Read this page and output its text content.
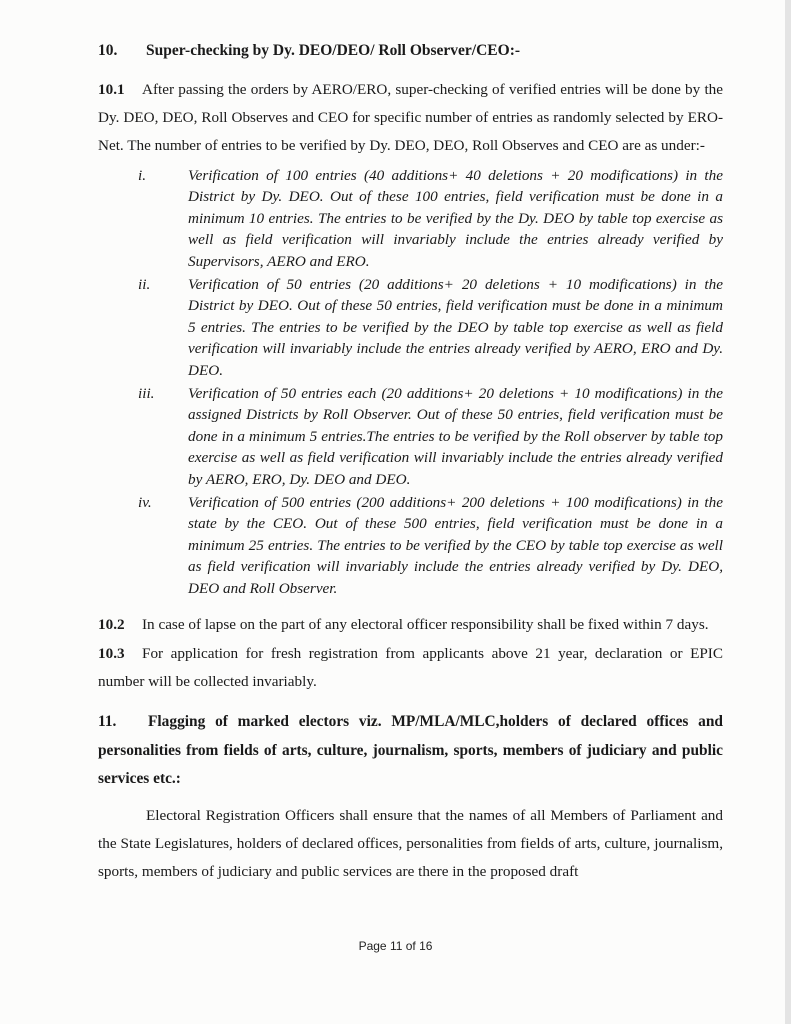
10. Super-checking by Dy. DEO/DEO/ Roll Observer/CEO:-

10.1 After passing the orders by AERO/ERO, super-checking of verified entries will be done by the Dy. DEO, DEO, Roll Observes and CEO for specific number of entries as randomly selected by ERO-Net. The number of entries to be verified by Dy. DEO, DEO, Roll Observes and CEO are as under:-

i.	Verification of 100 entries (40 additions+ 40 deletions + 20 modifications) in the District by Dy. DEO. Out of these 100 entries, field verification must be done in a minimum 10 entries. The entries to be verified by the Dy. DEO by table top exercise as well as field verification will invariably include the entries already verified by Supervisors, AERO and ERO.
ii. Verification of 50 entries (20 additions+ 20 deletions + 10 modifications) in the District by DEO. Out of these 50 entries, field verification must be done in a minimum 5 entries. The entries to be verified by the DEO by table top exercise as well as field verification will invariably include the entries already verified by AERO, ERO and Dy. DEO.
iii. Verification of 50 entries each (20 additions+ 20 deletions + 10 modifications) in the assigned Districts by Roll Observer. Out of these 50 entries, field verification must be done in a minimum 5 entries.The entries to be verified by the Roll observer by table top exercise as well as field verification will invariably include the entries already verified by AERO, ERO, Dy. DEO and DEO.
iv. Verification of 500 entries (200 additions+ 200 deletions + 100 modifications) in the state by the CEO. Out of these 500 entries, field verification must be done in a minimum 25 entries. The entries to be verified by the CEO by table top exercise as well as field verification will invariably include the entries already verified by Dy. DEO, DEO and Roll Observer.

10.2 In case of lapse on the part of any electoral officer responsibility shall be fixed within 7 days.

10.3 For application for fresh registration from applicants above 21 year, declaration or EPIC number will be collected invariably.

11. Flagging of marked electors viz. MP/MLA/MLC,holders of declared offices and personalities from fields of arts, culture, journalism, sports, members of judiciary and public services etc.:

Electoral Registration Officers shall ensure that the names of all Members of Parliament and the State Legislatures, holders of declared offices, personalities from fields of arts, culture, journalism, sports, members of judiciary and public services are there in the proposed draft

Page 11 of 16
